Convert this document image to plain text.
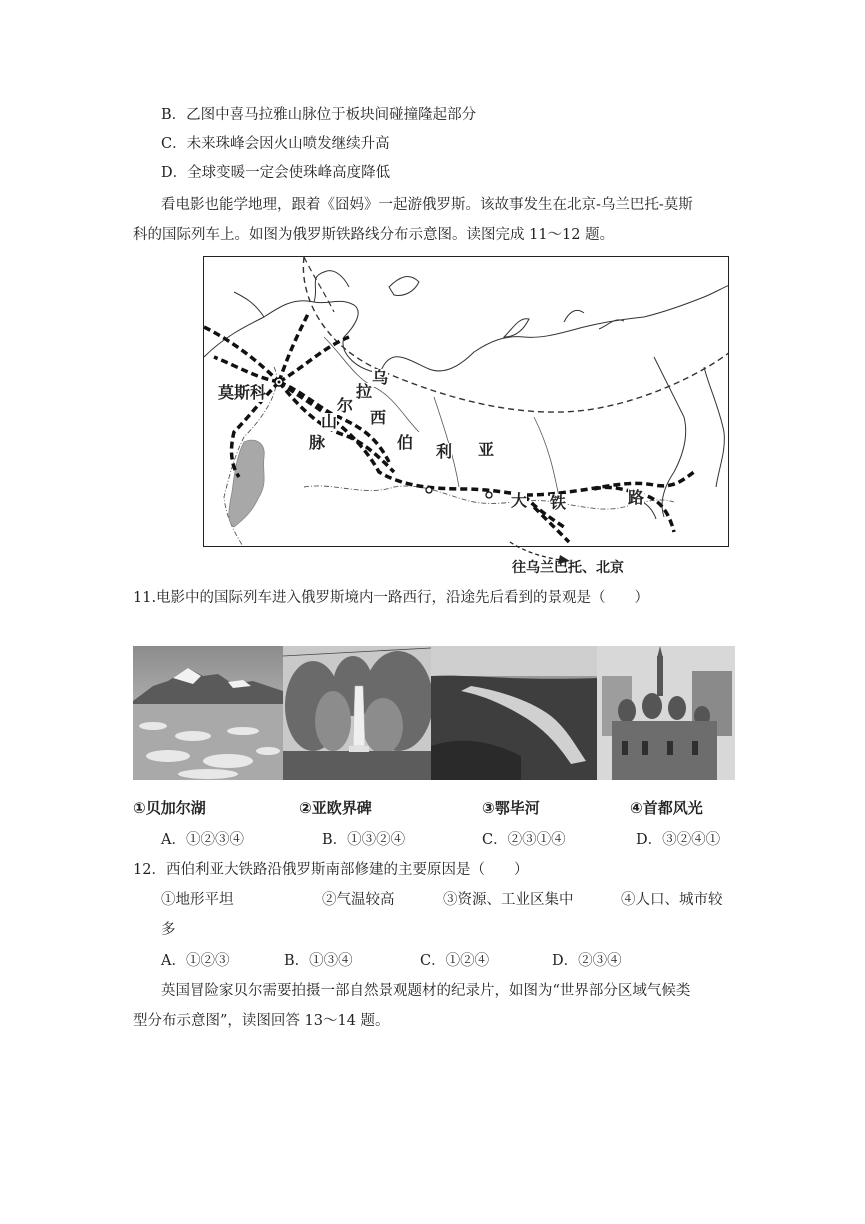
B．乙图中喜马拉雅山脉位于板块间碰撞隆起部分
C．未来珠峰会因火山喷发继续升高
D．全球变暖一定会使珠峰高度降低
看电影也能学地理，跟着《囧妈》一起游俄罗斯。该故事发生在北京-乌兰巴托-莫斯
科的国际列车上。如图为俄罗斯铁路线分布示意图。读图完成 11～12 题。
莫斯科
乌
拉
尔
山
脉
西
伯 利 亚
大 铁	路
往乌兰巴托、北京
11.电影中的国际列车进入俄罗斯境内一路西行，沿途先后看到的景观是（　　）
①贝加尔湖	②亚欧界碑	③鄂毕河	④首都风光
A．①②③④	B．①③②④	C．②③①④	D．③②④①
12．西伯利亚大铁路沿俄罗斯南部修建的主要原因是（　　）
①地形平坦	②气温较高	③资源、工业区集中	④人口、城市较
多
A．①②③	B．①③④	C．①②④	D．②③④
英国冒险家贝尔需要拍摄一部自然景观题材的纪录片，如图为“世界部分区域气候类
型分布示意图”，读图回答 13～14 题。
